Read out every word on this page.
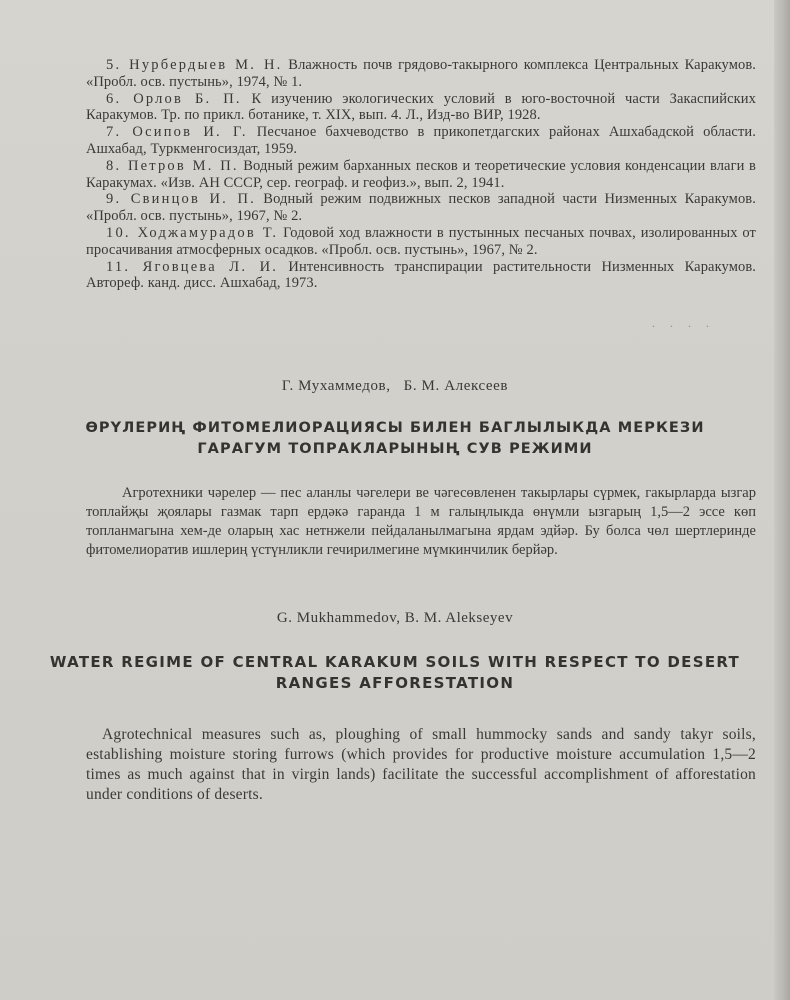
5. Нурбердыев М. Н. Влажность почв грядово-такырного комплекса Центральных Каракумов. «Пробл. осв. пустынь», 1974, № 1.

6. Орлов Б. П. К изучению экологических условий в юго-восточной части Закаспийских Каракумов. Тр. по прикл. ботанике, т. XIX, вып. 4. Л., Изд-во ВИР, 1928.

7. Осипов И. Г. Песчаное бахчеводство в прикопетдагских районах Ашхабадской области. Ашхабад, Туркменгосиздат, 1959.

8. Петров М. П. Водный режим барханных песков и теоретические условия конденсации влаги в Каракумах. «Изв. АН СССР, сер. географ. и геофиз.», вып. 2, 1941.

9. Свинцов И. П. Водный режим подвижных песков западной части Низменных Каракумов. «Пробл. осв. пустынь», 1967, № 2.

10. Ходжамурадов Т. Годовой ход влажности в пустынных песчаных почвах, изолированных от просачивания атмосферных осадков. «Пробл. осв. пустынь», 1967, № 2.

11. Яговцева Л. И. Интенсивность транспирации растительности Низменных Каракумов. Автореф. канд. дисс. Ашхабад, 1973.

. . . .
Г. Мухаммедов,   Б. М. Алексеев
ӨРҮЛЕРИҢ ФИТОМЕЛИОРАЦИЯСЫ БИЛЕН БАГЛЫЛЫКДА МЕРКЕЗИ
ГАРАГУМ ТОПРАКЛАРЫНЫҢ СУВ РЕЖИМИ

Агротехники чәрелер — пес аланлы чәгелери ве чәгесөвленен такырлары сүрмек, гакырларда ызгар топлайҗы җоялары газмак тарп ердәкә гаранда 1 м галыңлыкда өнүмли ызгарың 1,5—2 эссе көп топланмагына хем-де оларың хас нетнжели пейдаланылмагына ярдам эдйәр. Бу болса чөл шертлеринде фитомелиоратив ишлериң үстүнликли гечирилмегине мүмкинчилик берйәр.

G. Mukhammedov, B. M. Alekseyev
WATER REGIME OF CENTRAL KARAKUM SOILS WITH RESPECT TO DESERT
RANGES AFFORESTATION

Agrotechnical measures such as, ploughing of small hummocky sands and sandy takyr soils, establishing moisture storing furrows (which provides for productive moisture accumulation 1,5—2 times as much against that in virgin lands) facilitate the successful accomplishment of afforestation under conditions of deserts.
